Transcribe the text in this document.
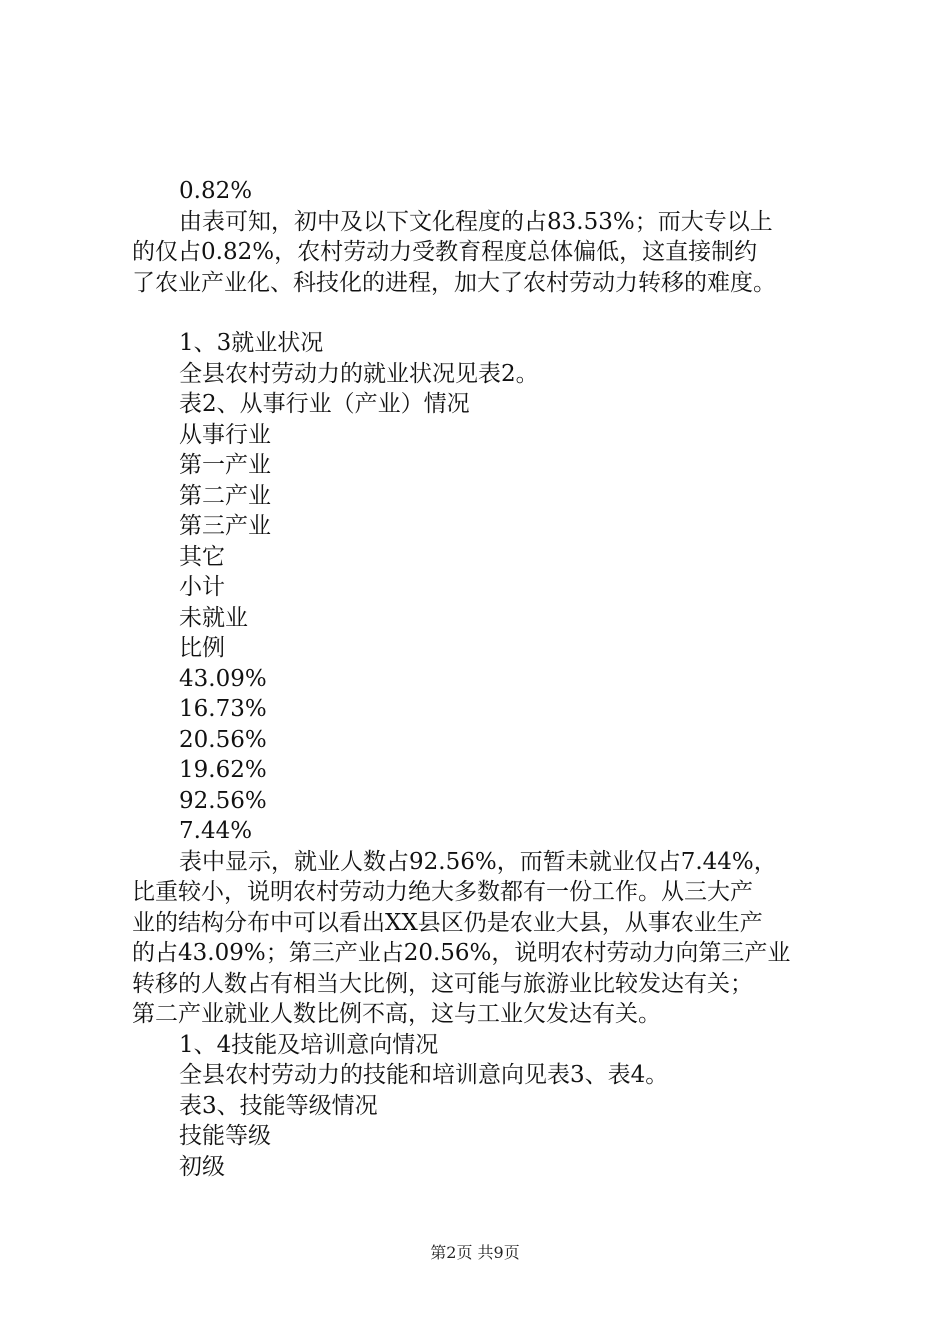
0.82%
由表可知，初中及以下文化程度的占83.53%；而大专以上
的仅占0.82%，农村劳动力受教育程度总体偏低，这直接制约
了农业产业化、科技化的进程，加大了农村劳动力转移的难度。
1、3就业状况
全县农村劳动力的就业状况见表2。
表2、从事行业（产业）情况
从事行业
第一产业
第二产业
第三产业
其它
小计
未就业
比例
43.09%
16.73%
20.56%
19.62%
92.56%
7.44%
表中显示，就业人数占92.56%，而暂未就业仅占7.44%，
比重较小，说明农村劳动力绝大多数都有一份工作。从三大产
业的结构分布中可以看出XX县区仍是农业大县，从事农业生产
的占43.09%；第三产业占20.56%，说明农村劳动力向第三产业
转移的人数占有相当大比例，这可能与旅游业比较发达有关；
第二产业就业人数比例不高，这与工业欠发达有关。
1、4技能及培训意向情况
全县农村劳动力的技能和培训意向见表3、表4。
表3、技能等级情况
技能等级
初级
第2页 共9页
